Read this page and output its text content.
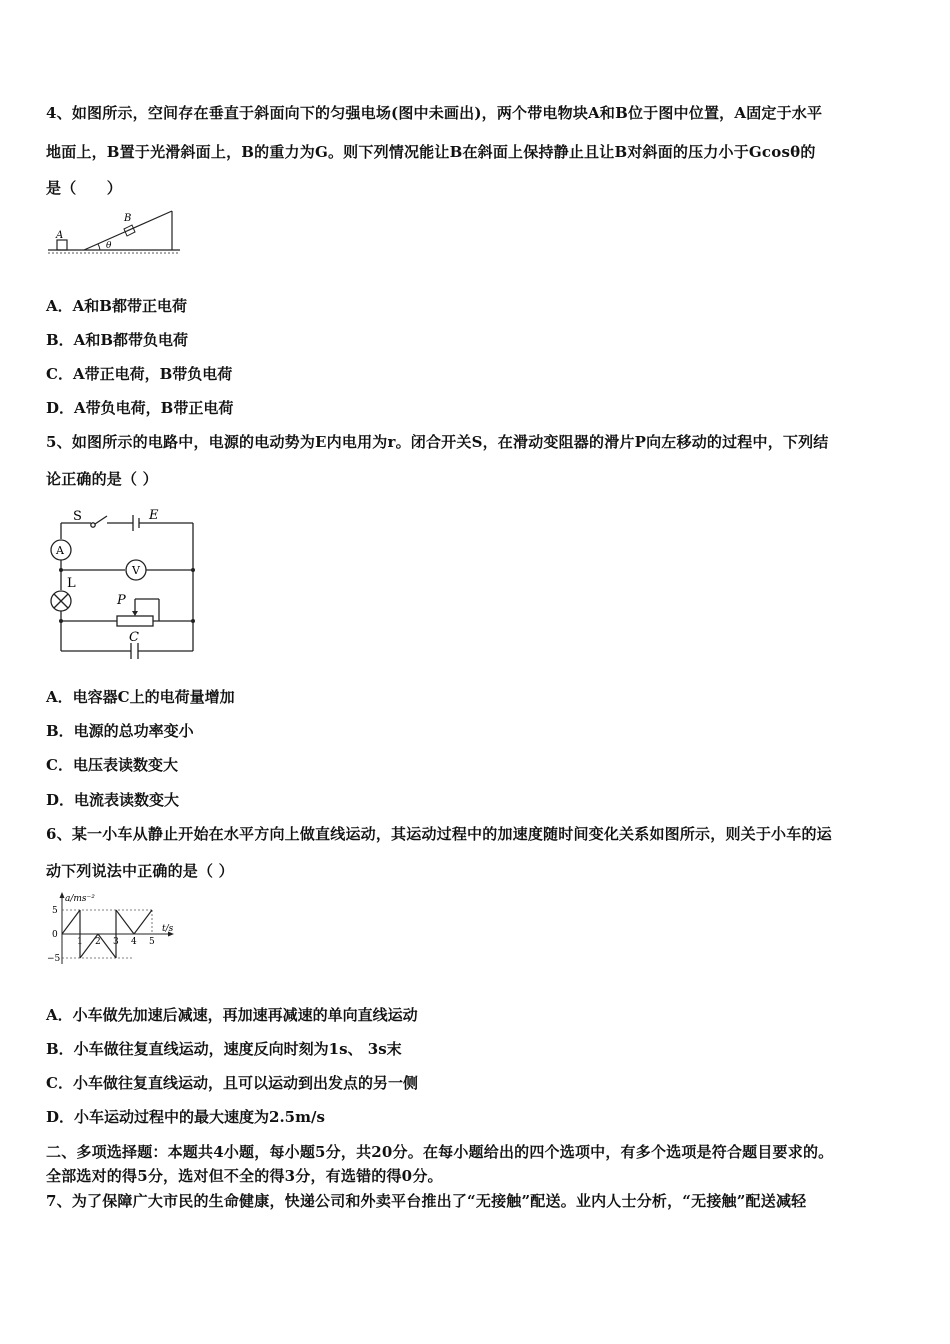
4、如图所示，空间存在垂直于斜面向下的匀强电场(图中未画出)，两个带电物块A和B位于图中位置，A固定于水平
地面上，B置于光滑斜面上，B的重力为G。则下列情况能让B在斜面上保持静止且让B对斜面的压力小于Gcosθ的
是（　　）
A
B
θ
A．A和B都带正电荷
B．A和B都带负电荷
C．A带正电荷，B带负电荷
D．A带负电荷，B带正电荷
5、如图所示的电路中，电源的电动势为E内电用为r。闭合开关S，在滑动变阻器的滑片P向左移动的过程中，下列结
论正确的是（ ）
S	E
A
V
L
P
C
A．电容器C上的电荷量增加
B．电源的总功率变小
C．电压表读数变大
D．电流表读数变大
6、某一小车从静止开始在水平方向上做直线运动，其运动过程中的加速度随时间变化关系如图所示，则关于小车的运
动下列说法中正确的是（ ）
a/ms⁻²
t/s
5
0
−5
1 2 3 4 5
A．小车做先加速后减速，再加速再减速的单向直线运动
B．小车做往复直线运动，速度反向时刻为1s、 3s末
C．小车做往复直线运动，且可以运动到出发点的另一侧
D．小车运动过程中的最大速度为2.5m/s
二、多项选择题：本题共4小题，每小题5分，共20分。在每小题给出的四个选项中，有多个选项是符合题目要求的。
全部选对的得5分，选对但不全的得3分，有选错的得0分。
7、为了保障广大市民的生命健康，快递公司和外卖平台推出了“无接触”配送。业内人士分析，“无接触”配送减轻
